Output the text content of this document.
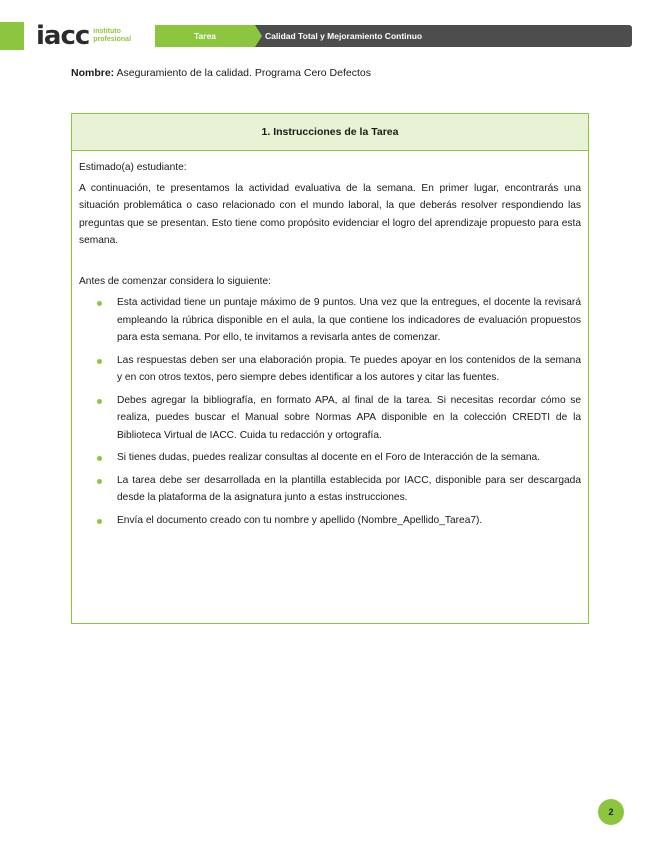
iacc instituto
profesional	Tarea	Calidad Total y Mejoramiento Continuo
Nombre: Aseguramiento de la calidad. Programa Cero Defectos
1. Instrucciones de la Tarea

Estimado(a) estudiante:

A continuación, te presentamos la actividad evaluativa de la semana. En primer lugar, encontrarás una situación problemática o caso relacionado con el mundo laboral, la que deberás resolver respondiendo las preguntas que se presentan. Esto tiene como propósito evidenciar el logro del aprendizaje propuesto para esta semana.

Antes de comenzar considera lo siguiente:

Esta actividad tiene un puntaje máximo de 9 puntos. Una vez que la entregues, el docente la revisará empleando la rúbrica disponible en el aula, la que contiene los indicadores de evaluación propuestos para esta semana. Por ello, te invitamos a revisarla antes de comenzar.
Las respuestas deben ser una elaboración propia. Te puedes apoyar en los contenidos de la semana y en con otros textos, pero siempre debes identificar a los autores y citar las fuentes.
Debes agregar la bibliografía, en formato APA, al final de la tarea. Si necesitas recordar cómo se realiza, puedes buscar el Manual sobre Normas APA disponible en la colección CREDTI de la Biblioteca Virtual de IACC. Cuida tu redacción y ortografía.
Si tienes dudas, puedes realizar consultas al docente en el Foro de Interacción de la semana.
La tarea debe ser desarrollada en la plantilla establecida por IACC, disponible para ser descargada desde la plataforma de la asignatura junto a estas instrucciones.
Envía el documento creado con tu nombre y apellido (Nombre_Apellido_Tarea7).
2
